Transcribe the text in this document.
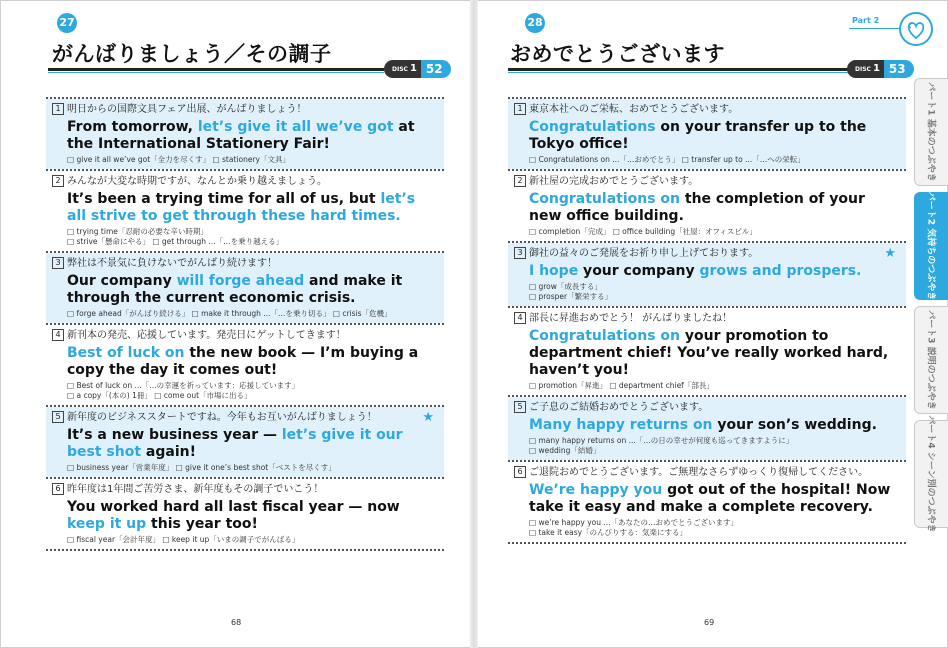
27
がんばりましょう／その調子
DISC 1 52
1 明日からの国際文具フェア出展、がんばりましょう！
From tomorrow, let’s give it all we’ve got at the International Stationery Fair!
□ give it all we’ve got「全力を尽くす」 □ stationery「文具」
2 みんなが大変な時期ですが、なんとか乗り越えましょう。
It’s been a trying time for all of us, but let’s all strive to get through these hard times.
□ trying time「忍耐の必要な辛い時期」
□ strive「懸命にやる」 □ get through ...「…を乗り越える」
3 弊社は不景気に負けないでがんばり続けます！
Our company will forge ahead and make it through the current economic crisis.
□ forge ahead「がんばり続ける」 □ make it through ...「…を乗り切る」 □ crisis「危機」
4 新刊本の発売、応援しています。発売日にゲットしてきます！
Best of luck on the new book — I’m buying a copy the day it comes out!
□ Best of luck on ...「…の幸運を祈っています：応援しています」
□ a copy「(本の) 1冊」 □ come out「市場に出る」
5 新年度のビジネススタートですね。今年もお互いがんばりましょう！	★
It’s a new business year — let’s give it our best shot again!
□ business year「営業年度」 □ give it one’s best shot「ベストを尽くす」
6 昨年度は1年間ご苦労さま、新年度もその調子でいこう！
You worked hard all last fiscal year — now keep it up this year too!
□ fiscal year「会計年度」 □ keep it up「いまの調子でがんばる」
68
28
おめでとうございます
DISC 1 53
1 東京本社へのご栄転、おめでとうございます。
Congratulations on your transfer up to the Tokyo office!
□ Congratulations on ...「…おめでとう」 □ transfer up to ...「…への栄転」
2 新社屋の完成おめでとうございます。
Congratulations on the completion of your new office building.
□ completion「完成」 □ office building「社屋：オフィスビル」
3 御社の益々のご発展をお祈り申し上げております。	★
I hope your company grows and prospers.
□ grow「成長する」
□ prosper「繁栄する」
4 部長に昇進おめでとう！ がんばりましたね！
Congratulations on your promotion to department chief! You’ve really worked hard, haven’t you!
□ promotion「昇進」 □ department chief「部長」
5 ご子息のご結婚おめでとうございます。
Many happy returns on your son’s wedding.
□ many happy returns on ...「…の日の幸せが何度も巡ってきますように」
□ wedding「結婚」
6 ご退院おめでとうございます。ご無理なさらずゆっくり復帰してください。
We’re happy you got out of the hospital! Now take it easy and make a complete recovery.
□ we’re happy you ...「あなたの…おめでとうございます」
□ take it easy「のんびりする：気楽にする」
69
Part 2
パート1 基本のつぶやき
パート2 気持ちのつぶやき
パート3 説明のつぶやき
パート4 シーン別のつぶやき
